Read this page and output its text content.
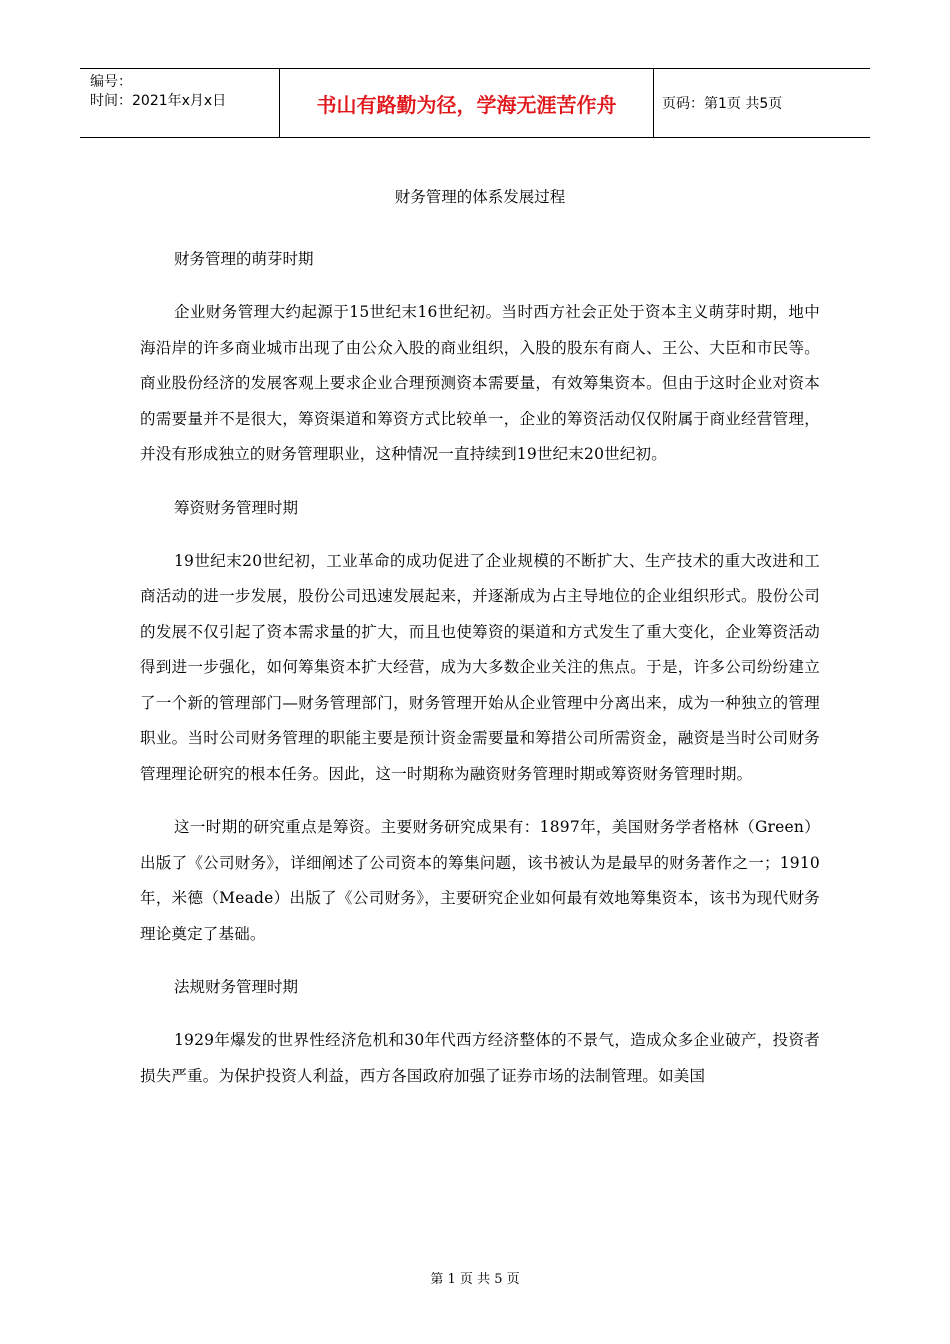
编号：
时间：2021年x月x日	书山有路勤为径，学海无涯苦作舟	页码：第1页 共5页

财务管理的体系发展过程

财务管理的萌芽时期

企业财务管理大约起源于15世纪末16世纪初。当时西方社会正处于资本主义萌芽时期，地中海沿岸的许多商业城市出现了由公众入股的商业组织，入股的股东有商人、王公、大臣和市民等。商业股份经济的发展客观上要求企业合理预测资本需要量，有效筹集资本。但由于这时企业对资本的需要量并不是很大，筹资渠道和筹资方式比较单一，企业的筹资活动仅仅附属于商业经营管理，并没有形成独立的财务管理职业，这种情况一直持续到19世纪末20世纪初。

筹资财务管理时期

19世纪末20世纪初，工业革命的成功促进了企业规模的不断扩大、生产技术的重大改进和工商活动的进一步发展，股份公司迅速发展起来，并逐渐成为占主导地位的企业组织形式。股份公司的发展不仅引起了资本需求量的扩大，而且也使筹资的渠道和方式发生了重大变化，企业筹资活动得到进一步强化，如何筹集资本扩大经营，成为大多数企业关注的焦点。于是，许多公司纷纷建立了一个新的管理部门—财务管理部门，财务管理开始从企业管理中分离出来，成为一种独立的管理职业。当时公司财务管理的职能主要是预计资金需要量和筹措公司所需资金，融资是当时公司财务管理理论研究的根本任务。因此，这一时期称为融资财务管理时期或筹资财务管理时期。

这一时期的研究重点是筹资。主要财务研究成果有：1897年，美国财务学者格林（Green）出版了《公司财务》，详细阐述了公司资本的筹集问题，该书被认为是最早的财务著作之一；1910年，米德（Meade）出版了《公司财务》，主要研究企业如何最有效地筹集资本，该书为现代财务理论奠定了基础。

法规财务管理时期

1929年爆发的世界性经济危机和30年代西方经济整体的不景气，造成众多企业破产，投资者损失严重。为保护投资人利益，西方各国政府加强了证券市场的法制管理。如美国

第 1 页 共 5 页
